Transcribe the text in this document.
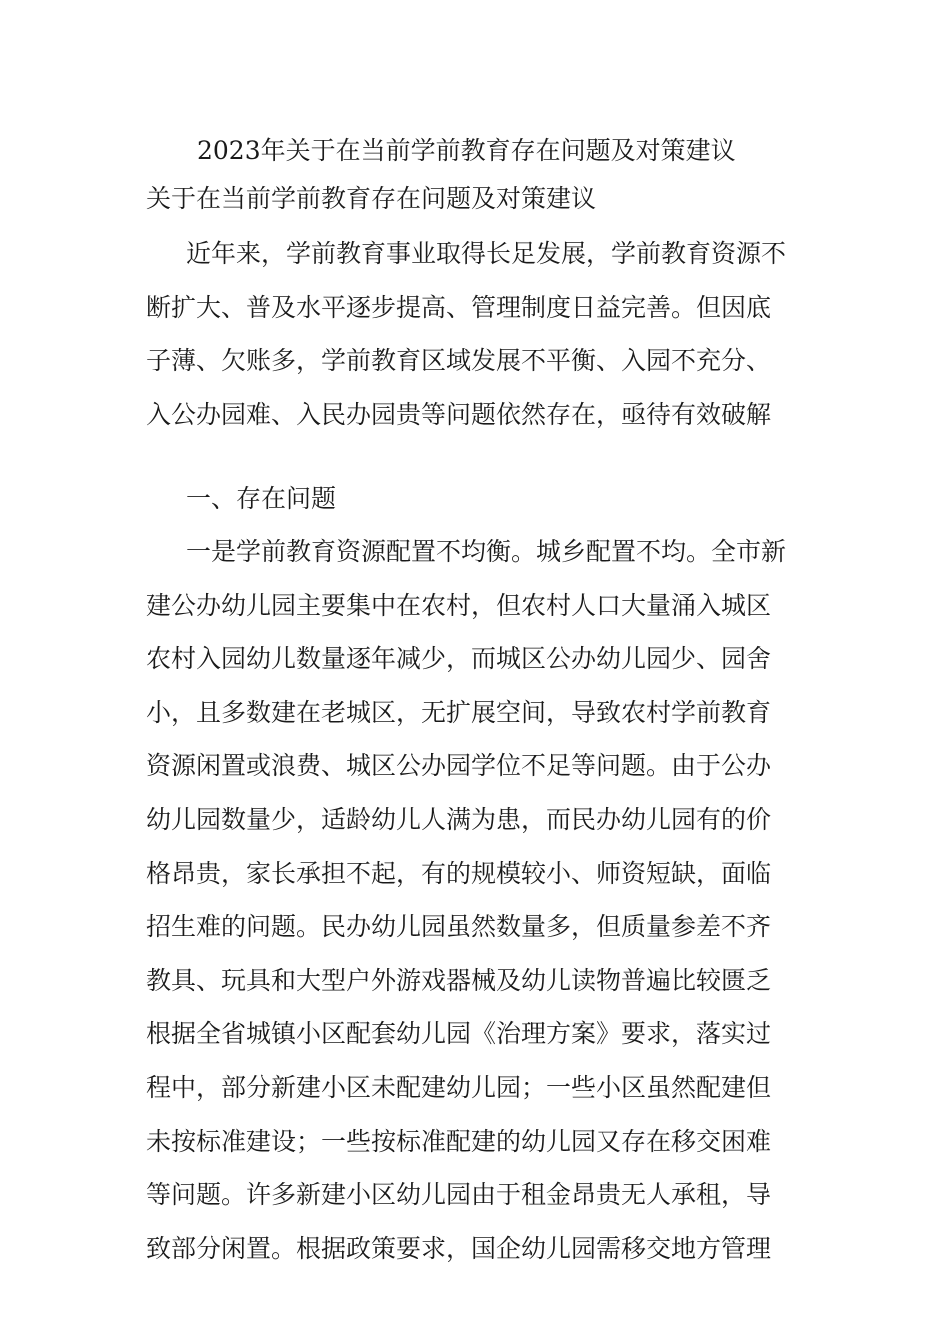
2023年关于在当前学前教育存在问题及对策建议
关于在当前学前教育存在问题及对策建议
近年来，学前教育事业取得长足发展，学前教育资源不
断扩大、普及水平逐步提高、管理制度日益完善。但因底
子薄、欠账多，学前教育区域发展不平衡、入园不充分、
入公办园难、入民办园贵等问题依然存在，亟待有效破解
一、存在问题
一是学前教育资源配置不均衡。城乡配置不均。全市新
建公办幼儿园主要集中在农村，但农村人口大量涌入城区
农村入园幼儿数量逐年减少，而城区公办幼儿园少、园舍
小，且多数建在老城区，无扩展空间，导致农村学前教育
资源闲置或浪费、城区公办园学位不足等问题。由于公办
幼儿园数量少，适龄幼儿人满为患，而民办幼儿园有的价
格昂贵，家长承担不起，有的规模较小、师资短缺，面临
招生难的问题。民办幼儿园虽然数量多，但质量参差不齐
教具、玩具和大型户外游戏器械及幼儿读物普遍比较匮乏
根据全省城镇小区配套幼儿园《治理方案》要求，落实过
程中，部分新建小区未配建幼儿园；一些小区虽然配建但
未按标准建设；一些按标准配建的幼儿园又存在移交困难
等问题。许多新建小区幼儿园由于租金昂贵无人承租，导
致部分闲置。根据政策要求，国企幼儿园需移交地方管理
